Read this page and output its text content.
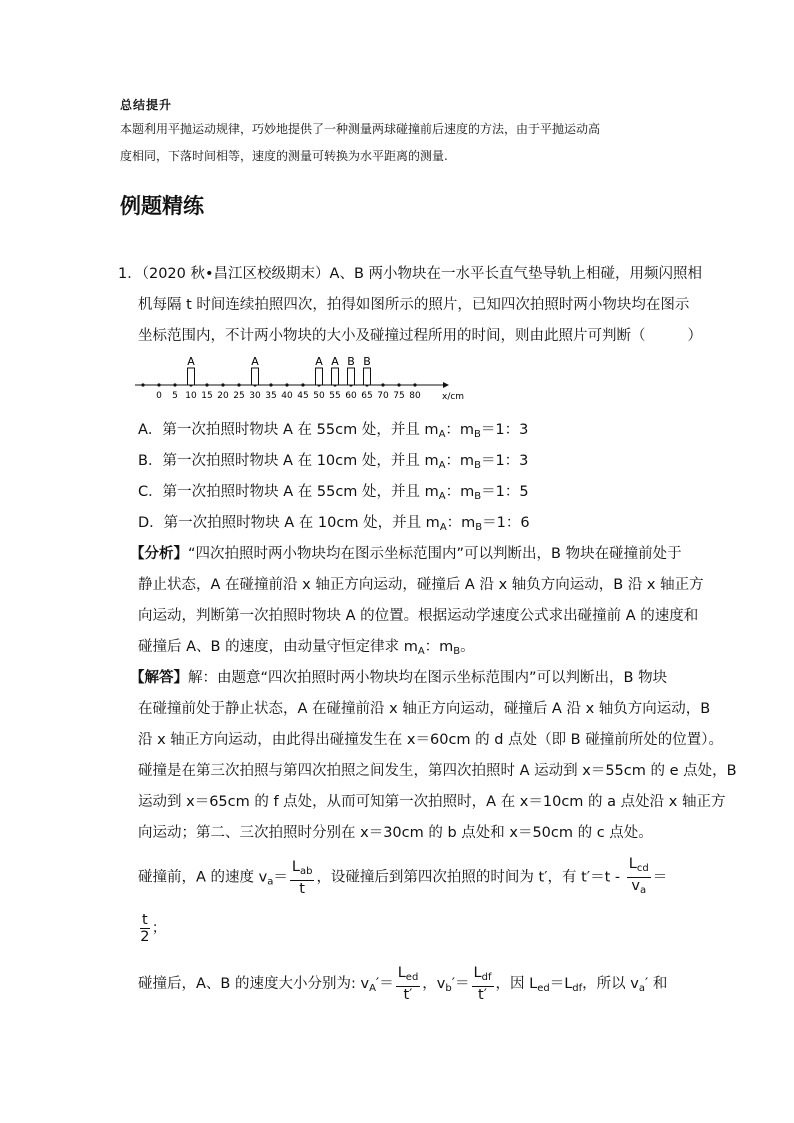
总结提升
本题利用平抛运动规律，巧妙地提供了一种测量两球碰撞前后速度的方法，由于平抛运动高
度相同，下落时间相等，速度的测量可转换为水平距离的测量.
例题精练
1．（2020 秋•昌江区校级期末）A、B 两小物块在一水平长直气垫导轨上相碰，用频闪照相
机每隔 t 时间连续拍照四次，拍得如图所示的照片，已知四次拍照时两小物块均在图示
坐标范围内，不计两小物块的大小及碰撞过程所用的时间，则由此照片可判断（	）
0 5 10 15 20 25 30 35 40 45 50 55 60 65 70 75 80
A	A	A A B B
x/cm
A．第一次拍照时物块 A 在 55cm 处，并且 $m_A$：$m_B=1$：3
B．第一次拍照时物块 A 在 10cm 处，并且 $m_A$：$m_B=1$：3
C．第一次拍照时物块 A 在 55cm 处，并且 $m_A$：$m_B=1$：5
D．第一次拍照时物块 A 在 10cm 处，并且 $m_A$：$m_B=1$：6
【分析】“四次拍照时两小物块均在图示坐标范围内”可以判断出，B 物块在碰撞前处于
静止状态，A 在碰撞前沿 x 轴正方向运动，碰撞后 A 沿 x 轴负方向运动，B 沿 x 轴正方
向运动，判断第一次拍照时物块 A 的位置。根据运动学速度公式求出碰撞前 A 的速度和
碰撞后 A、B 的速度，由动量守恒定律求 $m_A$：$m_B$。
【解答】解：由题意“四次拍照时两小物块均在图示坐标范围内”可以判断出，B 物块
在碰撞前处于静止状态，A 在碰撞前沿 x 轴正方向运动，碰撞后 A 沿 x 轴负方向运动，B
沿 x 轴正方向运动，由此得出碰撞发生在 x＝60cm 的 d 点处（即 B 碰撞前所处的位置）。
碰撞是在第三次拍照与第四次拍照之间发生，第四次拍照时 A 运动到 x＝55cm 的 e 点处，B
运动到 x＝65cm 的 f 点处，从而可知第一次拍照时，A 在 x＝10cm 的 a 点处沿 x 轴正方
向运动；第二、三次拍照时分别在 x＝30cm 的 b 点处和 x＝50cm 的 c 点处。
碰撞前，A 的速度 $v_a= \frac{L_{ab}}{t}$ ，设碰撞后到第四次拍照的时间为 t′，有 $t'=t - \frac{L_{cd}}{v_a}$ ＝
$\frac{t}{2}$ ；
碰撞后，A、B 的速度大小分别为: $v_A'= \frac{L_{ed}}{t'}$ ，$v_b'= \frac{L_{df}}{t'}$ ，因 $L_{ed}=L_{df}$，所以 $v_a'$ 和
